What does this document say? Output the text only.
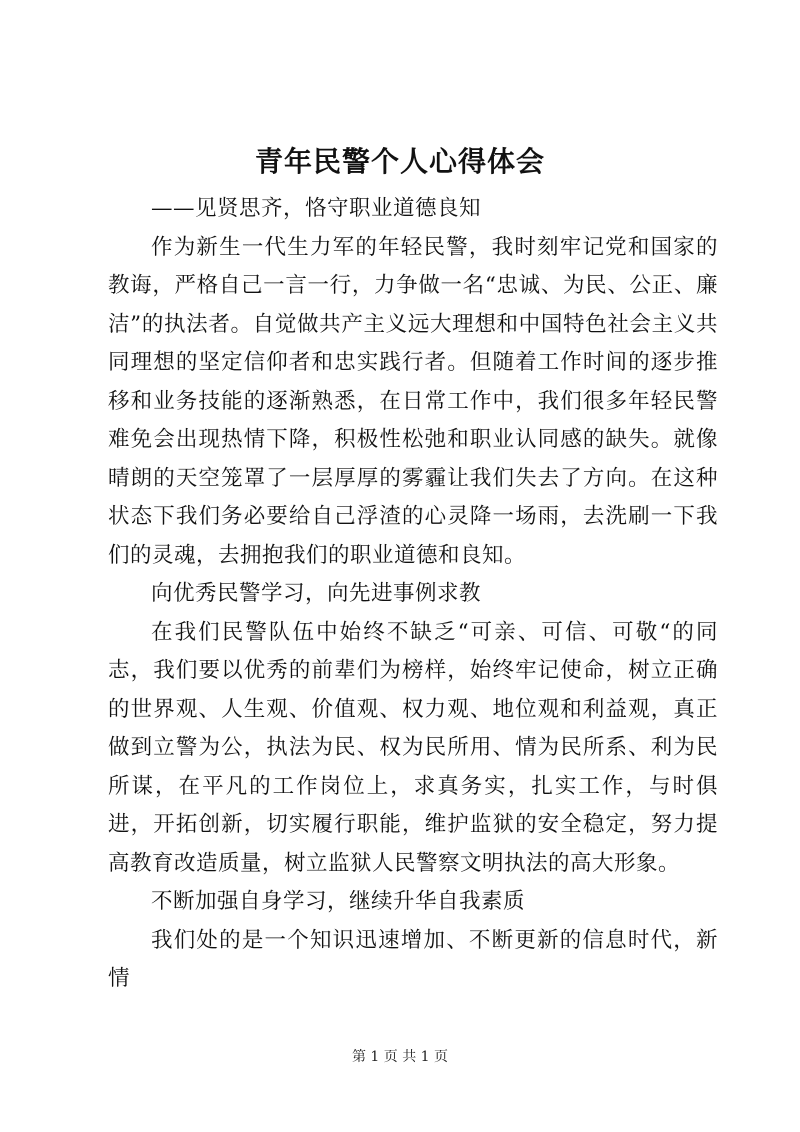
青年民警个人心得体会

——见贤思齐，恪守职业道德良知

作为新生一代生力军的年轻民警，我时刻牢记党和国家的教诲，严格自己一言一行，力争做一名“忠诚、为民、公正、廉洁”的执法者。自觉做共产主义远大理想和中国特色社会主义共同理想的坚定信仰者和忠实践行者。但随着工作时间的逐步推移和业务技能的逐渐熟悉，在日常工作中，我们很多年轻民警难免会出现热情下降，积极性松弛和职业认同感的缺失。就像晴朗的天空笼罩了一层厚厚的雾霾让我们失去了方向。在这种状态下我们务必要给自己浮渣的心灵降一场雨，去洗刷一下我们的灵魂，去拥抱我们的职业道德和良知。

向优秀民警学习，向先进事例求教

在我们民警队伍中始终不缺乏“可亲、可信、可敬“的同志，我们要以优秀的前辈们为榜样，始终牢记使命，树立正确的世界观、人生观、价值观、权力观、地位观和利益观，真正做到立警为公，执法为民、权为民所用、情为民所系、利为民所谋，在平凡的工作岗位上，求真务实，扎实工作，与时俱进，开拓创新，切实履行职能，维护监狱的安全稳定，努力提高教育改造质量，树立监狱人民警察文明执法的高大形象。

不断加强自身学习，继续升华自我素质

我们处的是一个知识迅速增加、不断更新的信息时代，新情

第 1 页 共 1 页
